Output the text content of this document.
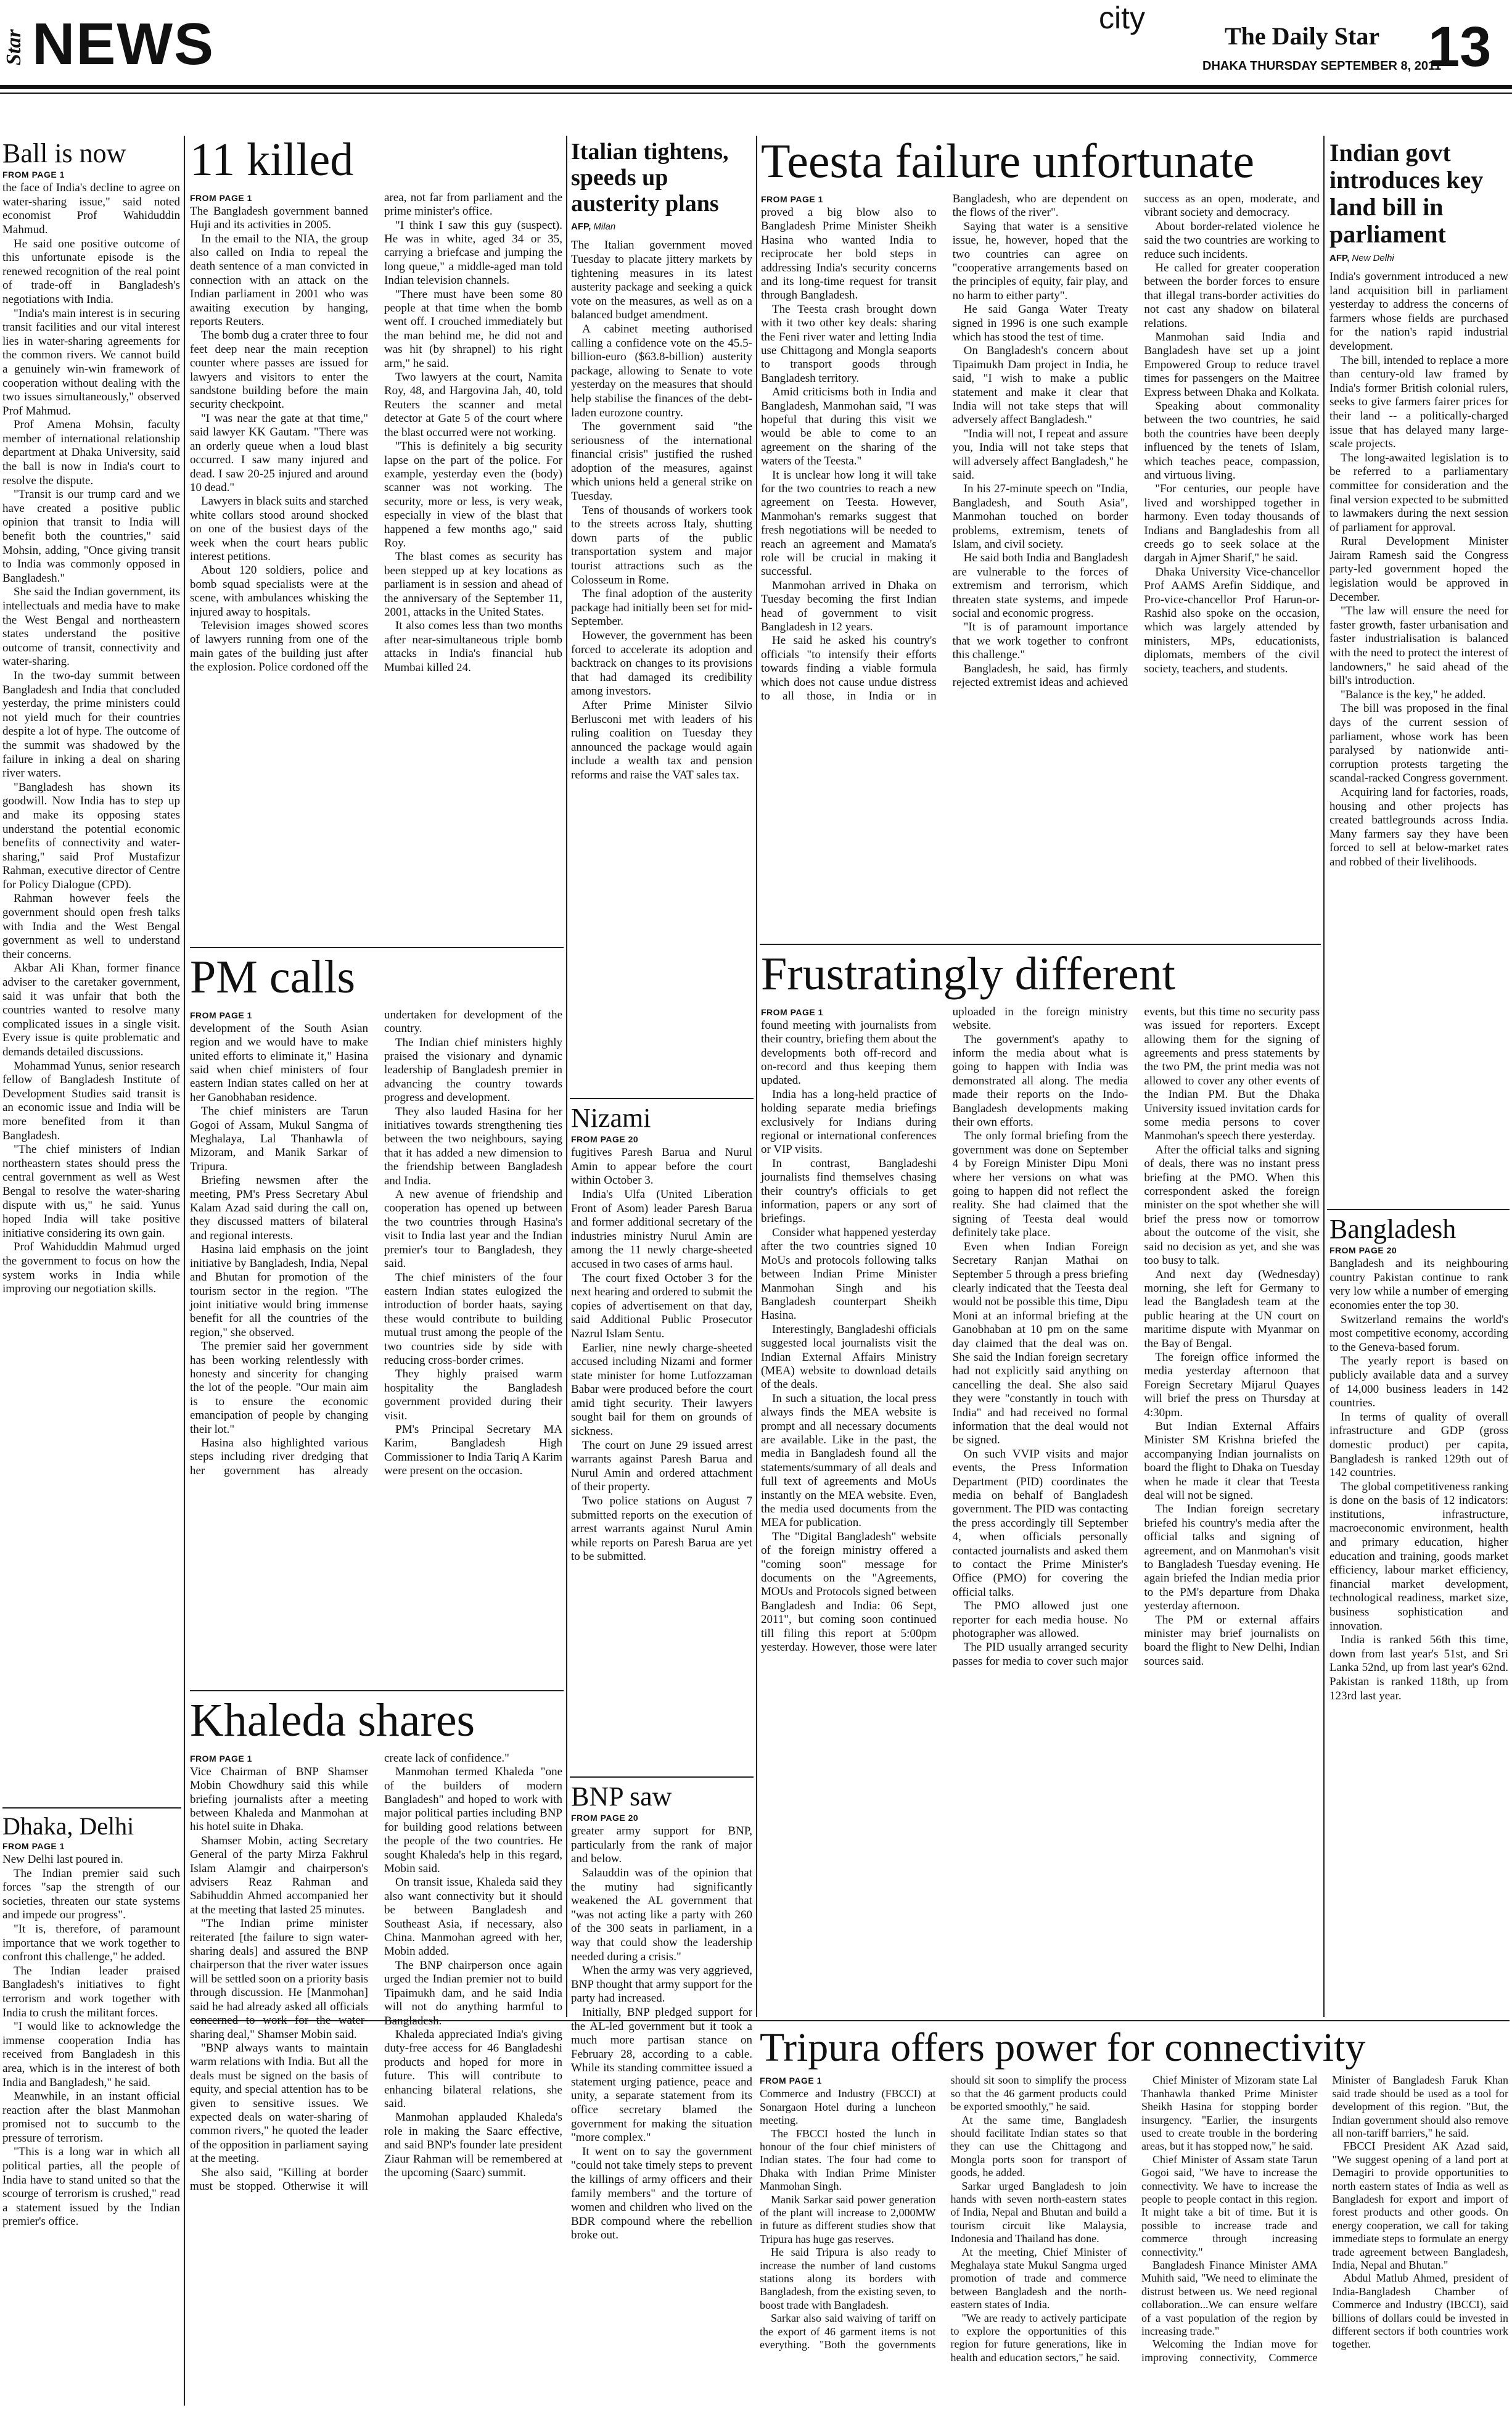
Star NEWS	city
The Daily Star
DHAKA THURSDAY SEPTEMBER 8, 2011
13
Ball is now
FROM PAGE 1

the face of India's decline to agree on water-sharing issue," said noted economist Prof Wahiduddin Mahmud.

He said one positive outcome of this unfortunate episode is the renewed recognition of the real point of trade-off in Bangladesh's negotiations with India.

"India's main interest is in securing transit facilities and our vital interest lies in water-sharing agreements for the common rivers. We cannot build a genuinely win-win framework of cooperation without dealing with the two issues simultaneously," observed Prof Mahmud.

Prof Amena Mohsin, faculty member of international relationship department at Dhaka University, said the ball is now in India's court to resolve the dispute.

"Transit is our trump card and we have created a positive public opinion that transit to India will benefit both the countries," said Mohsin, adding, "Once giving transit to India was commonly opposed in Bangladesh."

She said the Indian government, its intellectuals and media have to make the West Bengal and northeastern states understand the positive outcome of transit, connectivity and water-sharing.

In the two-day summit between Bangladesh and India that concluded yesterday, the prime ministers could not yield much for their countries despite a lot of hype. The outcome of the summit was shadowed by the failure in inking a deal on sharing river waters.

"Bangladesh has shown its goodwill. Now India has to step up and make its opposing states understand the potential economic benefits of connectivity and water-sharing," said Prof Mustafizur Rahman, executive director of Centre for Policy Dialogue (CPD).

Rahman however feels the government should open fresh talks with India and the West Bengal government as well to understand their concerns.

Akbar Ali Khan, former finance adviser to the caretaker government, said it was unfair that both the countries wanted to resolve many complicated issues in a single visit. Every issue is quite problematic and demands detailed discussions.

Mohammad Yunus, senior research fellow of Bangladesh Institute of Development Studies said transit is an economic issue and India will be more benefited from it than Bangladesh.

"The chief ministers of Indian northeastern states should press the central government as well as West Bengal to resolve the water-sharing dispute with us," he said. Yunus hoped India will take positive initiative considering its own gain.

Prof Wahiduddin Mahmud urged the government to focus on how the system works in India while improving our negotiation skills.

Dhaka, Delhi
FROM PAGE 1

New Delhi last poured in.

The Indian premier said such forces "sap the strength of our societies, threaten our state systems and impede our progress".

"It is, therefore, of paramount importance that we work together to confront this challenge," he added.

The Indian leader praised Bangladesh's initiatives to fight terrorism and work together with India to crush the militant forces.

"I would like to acknowledge the immense cooperation India has received from Bangladesh in this area, which is in the interest of both India and Bangladesh," he said.

Meanwhile, in an instant official reaction after the blast Manmohan promised not to succumb to the pressure of terrorism.

"This is a long war in which all political parties, all the people of India have to stand united so that the scourge of terrorism is crushed," read a statement issued by the Indian premier's office.

11 killed
FROM PAGE 1

The Bangladesh government banned Huji and its activities in 2005.

In the email to the NIA, the group also called on India to repeal the death sentence of a man convicted in connection with an attack on the Indian parliament in 2001 who was awaiting execution by hanging, reports Reuters.

The bomb dug a crater three to four feet deep near the main reception counter where passes are issued for lawyers and visitors to enter the sandstone building before the main security checkpoint.

"I was near the gate at that time," said lawyer KK Gautam. "There was an orderly queue when a loud blast occurred. I saw many injured and dead. I saw 20-25 injured and around 10 dead."

Lawyers in black suits and starched white collars stood around shocked on one of the busiest days of the week when the court hears public interest petitions.

About 120 soldiers, police and bomb squad specialists were at the scene, with ambulances whisking the injured away to hospitals.

Television images showed scores of lawyers running from one of the main gates of the building just after the explosion. Police cordoned off the area, not far from parliament and the prime minister's office.

"I think I saw this guy (suspect). He was in white, aged 34 or 35, carrying a briefcase and jumping the long queue," a middle-aged man told Indian television channels.

"There must have been some 80 people at that time when the bomb went off. I crouched immediately but the man behind me, he did not and was hit (by shrapnel) to his right arm," he said.

Two lawyers at the court, Namita Roy, 48, and Hargovina Jah, 40, told Reuters the scanner and metal detector at Gate 5 of the court where the blast occurred were not working.

"This is definitely a big security lapse on the part of the police. For example, yesterday even the (body) scanner was not working. The security, more or less, is very weak, especially in view of the blast that happened a few months ago," said Roy.

The blast comes as security has been stepped up at key locations as parliament is in session and ahead of the anniversary of the September 11, 2001, attacks in the United States.

It also comes less than two months after near-simultaneous triple bomb attacks in India's financial hub Mumbai killed 24.

PM calls
FROM PAGE 1

development of the South Asian region and we would have to make united efforts to eliminate it," Hasina said when chief ministers of four eastern Indian states called on her at her Ganobhaban residence.

The chief ministers are Tarun Gogoi of Assam, Mukul Sangma of Meghalaya, Lal Thanhawla of Mizoram, and Manik Sarkar of Tripura.

Briefing newsmen after the meeting, PM's Press Secretary Abul Kalam Azad said during the call on, they discussed matters of bilateral and regional interests.

Hasina laid emphasis on the joint initiative by Bangladesh, India, Nepal and Bhutan for promotion of the tourism sector in the region. "The joint initiative would bring immense benefit for all the countries of the region," she observed.

The premier said her government has been working relentlessly with honesty and sincerity for changing the lot of the people. "Our main aim is to ensure the economic emancipation of people by changing their lot."

Hasina also highlighted various steps including river dredging that her government has already undertaken for development of the country.

The Indian chief ministers highly praised the visionary and dynamic leadership of Bangladesh premier in advancing the country towards progress and development.

They also lauded Hasina for her initiatives towards strengthening ties between the two neighbours, saying that it has added a new dimension to the friendship between Bangladesh and India.

A new avenue of friendship and cooperation has opened up between the two countries through Hasina's visit to India last year and the Indian premier's tour to Bangladesh, they said.

The chief ministers of the four eastern Indian states eulogized the introduction of border haats, saying these would contribute to building mutual trust among the people of the two countries side by side with reducing cross-border crimes.

They highly praised warm hospitality the Bangladesh government provided during their visit.

PM's Principal Secretary MA Karim, Bangladesh High Commissioner to India Tariq A Karim were present on the occasion.

Khaleda shares
FROM PAGE 1

Vice Chairman of BNP Shamser Mobin Chowdhury said this while briefing journalists after a meeting between Khaleda and Manmohan at his hotel suite in Dhaka.

Shamser Mobin, acting Secretary General of the party Mirza Fakhrul Islam Alamgir and chairperson's advisers Reaz Rahman and Sabihuddin Ahmed accompanied her at the meeting that lasted 25 minutes.

"The Indian prime minister reiterated [the failure to sign water- sharing deals] and assured the BNP chairperson that the river water issues will be settled soon on a priority basis through discussion. He [Manmohan] said he had already asked all officials concerned to work for the water-sharing deal," Shamser Mobin said.

"BNP always wants to maintain warm relations with India. But all the deals must be signed on the basis of equity, and special attention has to be given to sensitive issues. We expected deals on water-sharing of common rivers," he quoted the leader of the opposition in parliament saying at the meeting.

She also said, "Killing at border must be stopped. Otherwise it will create lack of confidence."

Manmohan termed Khaleda "one of the builders of modern Bangladesh" and hoped to work with major political parties including BNP for building good relations between the people of the two countries. He sought Khaleda's help in this regard, Mobin said.

On transit issue, Khaleda said they also want connectivity but it should be between Bangladesh and Southeast Asia, if necessary, also China. Manmohan agreed with her, Mobin added.

The BNP chairperson once again urged the Indian premier not to build Tipaimukh dam, and he said India will not do anything harmful to Bangladesh.

Khaleda appreciated India's giving duty-free access for 46 Bangladeshi products and hoped for more in future. This will contribute to enhancing bilateral relations, she said.

Manmohan applauded Khaleda's role in making the Saarc effective, and said BNP's founder late president Ziaur Rahman will be remembered at the upcoming (Saarc) summit.

Italian tightens, speeds up austerity plans
AFP, Milan

The Italian government moved Tuesday to placate jittery markets by tightening measures in its latest austerity package and seeking a quick vote on the measures, as well as on a balanced budget amendment.

A cabinet meeting authorised calling a confidence vote on the 45.5-billion-euro ($63.8-billion) austerity package, allowing to Senate to vote yesterday on the measures that should help stabilise the finances of the debt-laden eurozone country.

The government said "the seriousness of the international financial crisis" justified the rushed adoption of the measures, against which unions held a general strike on Tuesday.

Tens of thousands of workers took to the streets across Italy, shutting down parts of the public transportation system and major tourist attractions such as the Colosseum in Rome.

The final adoption of the austerity package had initially been set for mid-September.

However, the government has been forced to accelerate its adoption and backtrack on changes to its provisions that had damaged its credibility among investors.

After Prime Minister Silvio Berlusconi met with leaders of his ruling coalition on Tuesday they announced the package would again include a wealth tax and pension reforms and raise the VAT sales tax.

Nizami
FROM PAGE 20

fugitives Paresh Barua and Nurul Amin to appear before the court within October 3.

India's Ulfa (United Liberation Front of Asom) leader Paresh Barua and former additional secretary of the industries ministry Nurul Amin are among the 11 newly charge-sheeted accused in two cases of arms haul.

The court fixed October 3 for the next hearing and ordered to submit the copies of advertisement on that day, said Additional Public Prosecutor Nazrul Islam Sentu.

Earlier, nine newly charge-sheeted accused including Nizami and former state minister for home Lutfozzaman Babar were produced before the court amid tight security. Their lawyers sought bail for them on grounds of sickness.

The court on June 29 issued arrest warrants against Paresh Barua and Nurul Amin and ordered attachment of their property.

Two police stations on August 7 submitted reports on the execution of arrest warrants against Nurul Amin while reports on Paresh Barua are yet to be submitted.

BNP saw
FROM PAGE 20

greater army support for BNP, particularly from the rank of major and below.

Salauddin was of the opinion that the mutiny had significantly weakened the AL government that "was not acting like a party with 260 of the 300 seats in parliament, in a way that could show the leadership needed during a crisis."

When the army was very aggrieved, BNP thought that army support for the party had increased.

Initially, BNP pledged support for the AL-led government but it took a much more partisan stance on February 28, according to a cable. While its standing committee issued a statement urging patience, peace and unity, a separate statement from its office secretary blamed the government for making the situation "more complex."

It went on to say the government "could not take timely steps to prevent the killings of army officers and their family members" and the torture of women and children who lived on the BDR compound where the rebellion broke out.

Teesta failure unfortunate
FROM PAGE 1

proved a big blow also to Bangladesh Prime Minister Sheikh Hasina who wanted India to reciprocate her bold steps in addressing India's security concerns and its long-time request for transit through Bangladesh.

The Teesta crash brought down with it two other key deals: sharing the Feni river water and letting India use Chittagong and Mongla seaports to transport goods through Bangladesh territory.

Amid criticisms both in India and Bangladesh, Manmohan said, "I was hopeful that during this visit we would be able to come to an agreement on the sharing of the waters of the Teesta."

It is unclear how long it will take for the two countries to reach a new agreement on Teesta. However, Manmohan's remarks suggest that fresh negotiations will be needed to reach an agreement and Mamata's role will be crucial in making it successful.

Manmohan arrived in Dhaka on Tuesday becoming the first Indian head of government to visit Bangladesh in 12 years.

He said he asked his country's officials "to intensify their efforts towards finding a viable formula which does not cause undue distress to all those, in India or in Bangladesh, who are dependent on the flows of the river".

Saying that water is a sensitive issue, he, however, hoped that the two countries can agree on "cooperative arrangements based on the principles of equity, fair play, and no harm to either party".

He said Ganga Water Treaty signed in 1996 is one such example which has stood the test of time.

On Bangladesh's concern about Tipaimukh Dam project in India, he said, "I wish to make a public statement and make it clear that India will not take steps that will adversely affect Bangladesh."

"India will not, I repeat and assure you, India will not take steps that will adversely affect Bangladesh," he said.

In his 27-minute speech on "India, Bangladesh, and South Asia", Manmohan touched on border problems, extremism, tenets of Islam, and civil society.

He said both India and Bangladesh are vulnerable to the forces of extremism and terrorism, which threaten state systems, and impede social and economic progress.

"It is of paramount importance that we work together to confront this challenge."

Bangladesh, he said, has firmly rejected extremist ideas and achieved success as an open, moderate, and vibrant society and democracy.

About border-related violence he said the two countries are working to reduce such incidents.

He called for greater cooperation between the border forces to ensure that illegal trans-border activities do not cast any shadow on bilateral relations.

Manmohan said India and Bangladesh have set up a joint Empowered Group to reduce travel times for passengers on the Maitree Express between Dhaka and Kolkata.

Speaking about commonality between the two countries, he said both the countries have been deeply influenced by the tenets of Islam, which teaches peace, compassion, and virtuous living.

"For centuries, our people have lived and worshipped together in harmony. Even today thousands of Indians and Bangladeshis from all creeds go to seek solace at the dargah in Ajmer Sharif," he said.

Dhaka University Vice-chancellor Prof AAMS Arefin Siddique, and Pro-vice-chancellor Prof Harun-or-Rashid also spoke on the occasion, which was largely attended by ministers, MPs, educationists, diplomats, members of the civil society, teachers, and students.

Frustratingly different
FROM PAGE 1

found meeting with journalists from their country, briefing them about the developments both off-record and on-record and thus keeping them updated.

India has a long-held practice of holding separate media briefings exclusively for Indians during regional or international conferences or VIP visits.

In contrast, Bangladeshi journalists find themselves chasing their country's officials to get information, papers or any sort of briefings.

Consider what happened yesterday after the two countries signed 10 MoUs and protocols following talks between Indian Prime Minister Manmohan Singh and his Bangladesh counterpart Sheikh Hasina.

Interestingly, Bangladeshi officials suggested local journalists visit the Indian External Affairs Ministry (MEA) website to download details of the deals.

In such a situation, the local press always finds the MEA website is prompt and all necessary documents are available. Like in the past, the media in Bangladesh found all the statements/summary of all deals and full text of agreements and MoUs instantly on the MEA website. Even, the media used documents from the MEA for publication.

The "Digital Bangladesh" website of the foreign ministry offered a "coming soon" message for documents on the "Agreements, MOUs and Protocols signed between Bangladesh and India: 06 Sept, 2011", but coming soon continued till filing this report at 5:00pm yesterday. However, those were later uploaded in the foreign ministry website.

The government's apathy to inform the media about what is going to happen with India was demonstrated all along. The media made their reports on the Indo-Bangladesh developments making their own efforts.

The only formal briefing from the government was done on September 4 by Foreign Minister Dipu Moni where her versions on what was going to happen did not reflect the reality. She had claimed that the signing of Teesta deal would definitely take place.

Even when Indian Foreign Secretary Ranjan Mathai on September 5 through a press briefing clearly indicated that the Teesta deal would not be possible this time, Dipu Moni at an informal briefing at the Ganobhaban at 10 pm on the same day claimed that the deal was on. She said the Indian foreign secretary had not explicitly said anything on cancelling the deal. She also said they were "constantly in touch with India" and had received no formal information that the deal would not be signed.

On such VVIP visits and major events, the Press Information Department (PID) coordinates the media on behalf of Bangladesh government. The PID was contacting the press accordingly till September 4, when officials personally contacted journalists and asked them to contact the Prime Minister's Office (PMO) for covering the official talks.

The PMO allowed just one reporter for each media house. No photographer was allowed.

The PID usually arranged security passes for media to cover such major events, but this time no security pass was issued for reporters. Except allowing them for the signing of agreements and press statements by the two PM, the print media was not allowed to cover any other events of the Indian PM. But the Dhaka University issued invitation cards for some media persons to cover Manmohan's speech there yesterday.

After the official talks and signing of deals, there was no instant press briefing at the PMO. When this correspondent asked the foreign minister on the spot whether she will brief the press now or tomorrow about the outcome of the visit, she said no decision as yet, and she was too busy to talk.

And next day (Wednesday) morning, she left for Germany to lead the Bangladesh team at the public hearing at the UN court on maritime dispute with Myanmar on the Bay of Bengal.

The foreign office informed the media yesterday afternoon that Foreign Secretary Mijarul Quayes will brief the press on Thursday at 4:30pm.

But Indian External Affairs Minister SM Krishna briefed the accompanying Indian journalists on board the flight to Dhaka on Tuesday when he made it clear that Teesta deal will not be signed.

The Indian foreign secretary briefed his country's media after the official talks and signing of agreement, and on Manmohan's visit to Bangladesh Tuesday evening. He again briefed the Indian media prior to the PM's departure from Dhaka yesterday afternoon.

The PM or external affairs minister may brief journalists on board the flight to New Delhi, Indian sources said.

Indian govt introduces key land bill in parliament
AFP, New Delhi

India's government introduced a new land acquisition bill in parliament yesterday to address the concerns of farmers whose fields are purchased for the nation's rapid industrial development.

The bill, intended to replace a more than century-old law framed by India's former British colonial rulers, seeks to give farmers fairer prices for their land -- a politically-charged issue that has delayed many large-scale projects.

The long-awaited legislation is to be referred to a parliamentary committee for consideration and the final version expected to be submitted to lawmakers during the next session of parliament for approval.

Rural Development Minister Jairam Ramesh said the Congress party-led government hoped the legislation would be approved in December.

"The law will ensure the need for faster growth, faster urbanisation and faster industrialisation is balanced with the need to protect the interest of landowners," he said ahead of the bill's introduction.

"Balance is the key," he added.

The bill was proposed in the final days of the current session of parliament, whose work has been paralysed by nationwide anti-corruption protests targeting the scandal-racked Congress government.

Acquiring land for factories, roads, housing and other projects has created battlegrounds across India. Many farmers say they have been forced to sell at below-market rates and robbed of their livelihoods.

Bangladesh
FROM PAGE 20

Bangladesh and its neighbouring country Pakistan continue to rank very low while a number of emerging economies enter the top 30.

Switzerland remains the world's most competitive economy, according to the Geneva-based forum.

The yearly report is based on publicly available data and a survey of 14,000 business leaders in 142 countries.

In terms of quality of overall infrastructure and GDP (gross domestic product) per capita, Bangladesh is ranked 129th out of 142 countries.

The global competitiveness ranking is done on the basis of 12 indicators: institutions, infrastructure, macroeconomic environment, health and primary education, higher education and training, goods market efficiency, labour market efficiency, financial market development, technological readiness, market size, business sophistication and innovation.

India is ranked 56th this time, down from last year's 51st, and Sri Lanka 52nd, up from last year's 62nd. Pakistan is ranked 118th, up from 123rd last year.

Tripura offers power for connectivity
FROM PAGE 1

Commerce and Industry (FBCCI) at Sonargaon Hotel during a luncheon meeting.

The FBCCI hosted the lunch in honour of the four chief ministers of Indian states. The four had come to Dhaka with Indian Prime Minister Manmohan Singh.

Manik Sarkar said power generation of the plant will increase to 2,000MW in future as different studies show that Tripura has huge gas reserves.

He said Tripura is also ready to increase the number of land customs stations along its borders with Bangladesh, from the existing seven, to boost trade with Bangladesh.

Sarkar also said waiving of tariff on the export of 46 garment items is not everything. "Both the governments should sit soon to simplify the process so that the 46 garment products could be exported smoothly," he said.

At the same time, Bangladesh should facilitate Indian states so that they can use the Chittagong and Mongla ports soon for transport of goods, he added.

Sarkar urged Bangladesh to join hands with seven north-eastern states of India, Nepal and Bhutan and build a tourism circuit like Malaysia, Indonesia and Thailand has done.

At the meeting, Chief Minister of Meghalaya state Mukul Sangma urged promotion of trade and commerce between Bangladesh and the north-eastern states of India.

"We are ready to actively participate to explore the opportunities of this region for future generations, like in health and education sectors," he said.

Chief Minister of Mizoram state Lal Thanhawla thanked Prime Minister Sheikh Hasina for stopping border insurgency. "Earlier, the insurgents used to create trouble in the bordering areas, but it has stopped now," he said.

Chief Minister of Assam state Tarun Gogoi said, "We have to increase the connectivity. We have to increase the people to people contact in this region. It might take a bit of time. But it is possible to increase trade and commerce through increasing connectivity."

Bangladesh Finance Minister AMA Muhith said, "We need to eliminate the distrust between us. We need regional collaboration...We can ensure welfare of a vast population of the region by increasing trade."

Welcoming the Indian move for improving connectivity, Commerce Minister of Bangladesh Faruk Khan said trade should be used as a tool for development of this region. "But, the Indian government should also remove all non-tariff barriers," he said.

FBCCI President AK Azad said, "We suggest opening of a land port at Demagiri to provide opportunities to north eastern states of India as well as Bangladesh for export and import of forest products and other goods. On energy cooperation, we call for taking immediate steps to formulate an energy trade agreement between Bangladesh, India, Nepal and Bhutan."

Abdul Matlub Ahmed, president of India-Bangladesh Chamber of Commerce and Industry (IBCCI), said billions of dollars could be invested in different sectors if both countries work together.
